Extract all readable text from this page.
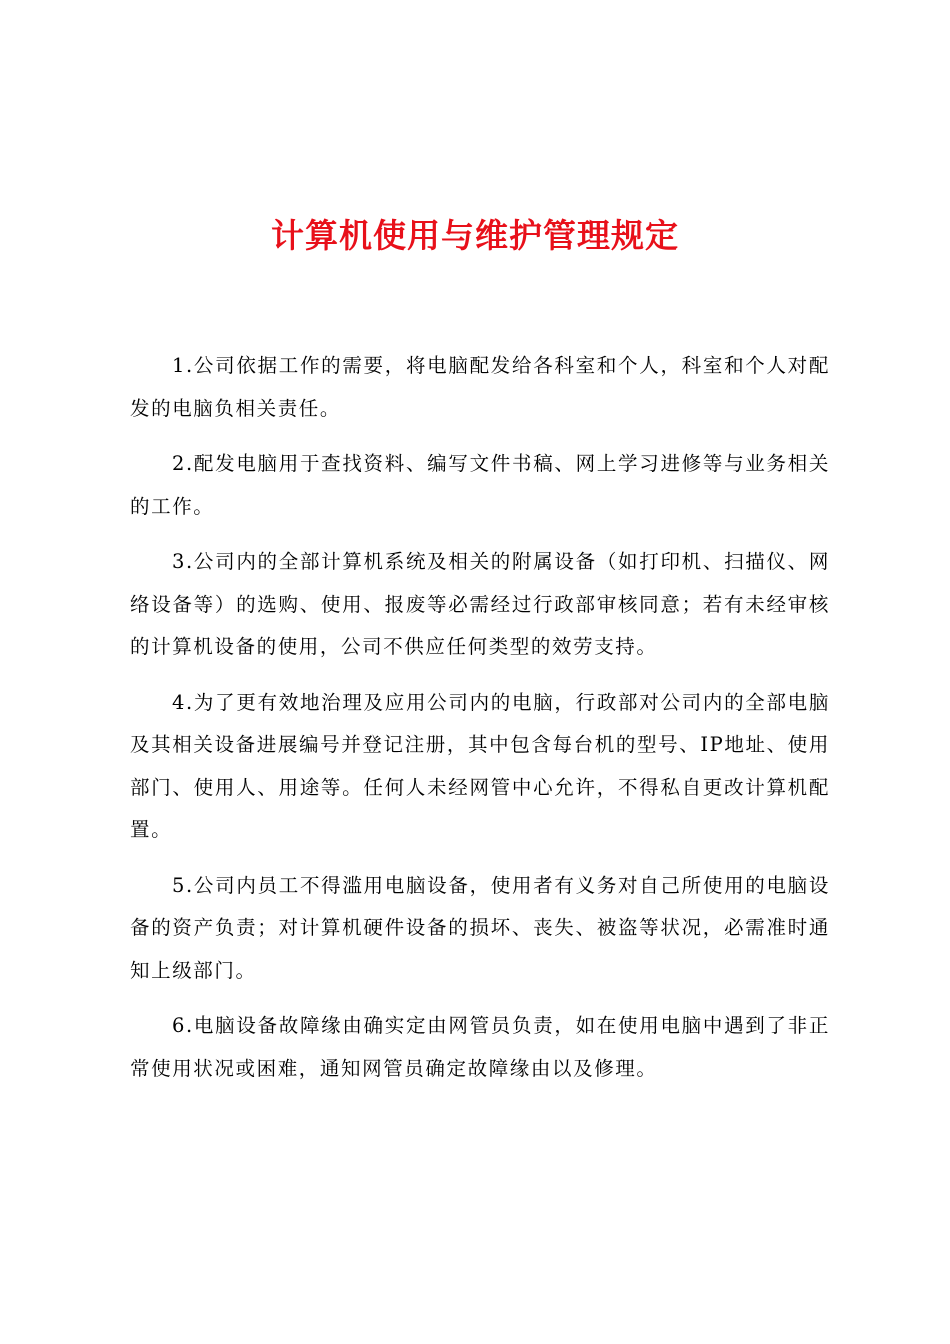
计算机使用与维护管理规定

1.公司依据工作的需要，将电脑配发给各科室和个人，科室和个人对配发的电脑负相关责任。

2.配发电脑用于查找资料、编写文件书稿、网上学习进修等与业务相关的工作。

3.公司内的全部计算机系统及相关的附属设备（如打印机、扫描仪、网络设备等）的选购、使用、报废等必需经过行政部审核同意；若有未经审核的计算机设备的使用，公司不供应任何类型的效劳支持。

4.为了更有效地治理及应用公司内的电脑，行政部对公司内的全部电脑及其相关设备进展编号并登记注册，其中包含每台机的型号、IP地址、使用部门、使用人、用途等。任何人未经网管中心允许，不得私自更改计算机配置。

5.公司内员工不得滥用电脑设备，使用者有义务对自己所使用的电脑设备的资产负责；对计算机硬件设备的损坏、丧失、被盗等状况，必需准时通知上级部门。

6.电脑设备故障缘由确实定由网管员负责，如在使用电脑中遇到了非正常使用状况或困难，通知网管员确定故障缘由以及修理。
